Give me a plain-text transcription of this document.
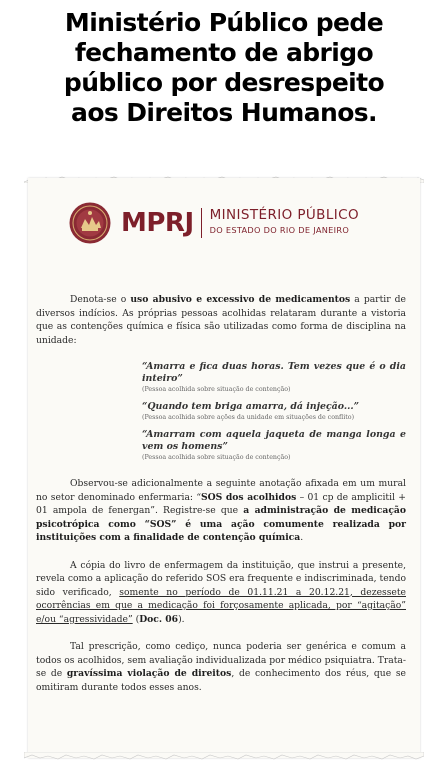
Ministério Público pede
fechamento de abrigo
público por desrespeito
aos Direitos Humanos.
MPRJ MINISTÉRIO PÚBLICO
DO ESTADO DO RIO DE JANEIRO

Denota-se o uso abusivo e excessivo de medicamentos a partir de diversos indícios. As próprias pessoas acolhidas relataram durante a vistoria que as contenções química e física são utilizadas como forma de disciplina na unidade:

“Amarra e fica duas horas. Tem vezes que é o dia inteiro”
(Pessoa acolhida sobre situação de contenção)
“Quando tem briga amarra, dá injeção...”
(Pessoa acolhida sobre ações da unidade em situações de conflito)
“Amarram com aquela jaqueta de manga longa e vem os homens”
(Pessoa acolhida sobre situação de contenção)

Observou-se adicionalmente a seguinte anotação afixada em um mural no setor denominado enfermaria: “SOS dos acolhidos – 01 cp de amplicitil + 01 ampola de fenergan”. Registre-se que a administração de medicação psicotrópica como “SOS” é uma ação comumente realizada por instituições com a finalidade de contenção química.

A cópia do livro de enfermagem da instituição, que instrui a presente, revela como a aplicação do referido SOS era frequente e indiscriminada, tendo sido verificado, somente no período de 01.11.21 a 20.12.21, dezessete ocorrências em que a medicação foi forçosamente aplicada, por “agitação” e/ou “agressividade” (Doc. 06).

Tal prescrição, como cediço, nunca poderia ser genérica e comum a todos os acolhidos, sem avaliação individualizada por médico psiquiatra. Trata-se de gravíssima violação de direitos, de conhecimento dos réus, que se omitiram durante todos esses anos.
